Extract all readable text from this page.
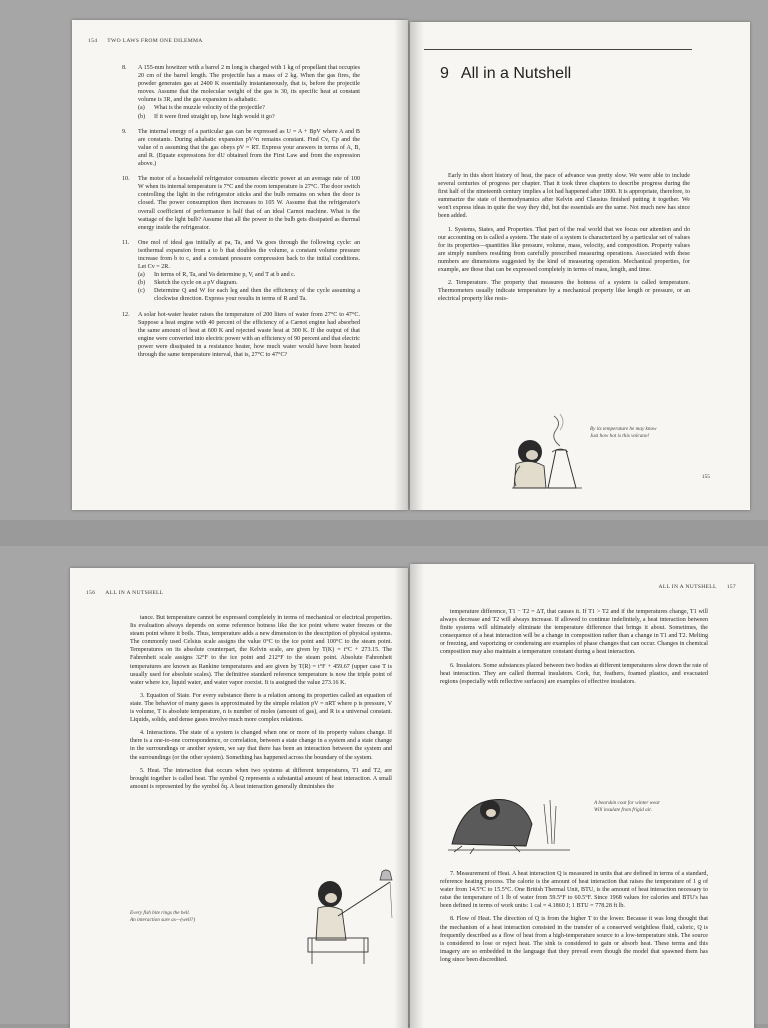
154 TWO LAWS FROM ONE DILEMMA
8. A 155-mm howitzer with a barrel 2 m long is charged with 1 kg of propellant that occupies 20 cm of the barrel length. The projectile has a mass of 2 kg. When the gas fires, the powder generates gas at 2400 K essentially instantaneously, that is, before the projectile moves. Assume that the molecular weight of the gas is 30, its specific heat at constant volume is 3R, and the gas expansion is adiabatic.
(a)	What is the muzzle velocity of the projectile?
(b)	If it were fired straight up, how high would it go?
9. The internal energy of a particular gas can be expressed as U = A + BpV where A and B are constants. During adiabatic expansion pV^n remains constant. Find Cv, Cp and the value of n assuming that the gas obeys pV = RT. Express your answers in terms of A, B, and R. (Equate expressions for dU obtained from the First Law and from the expression above.)
10. The motor of a household refrigerator consumes electric power at an average rate of 100 W when its internal temperature is 7°C and the room temperature is 27°C. The door switch controlling the light in the refrigerator sticks and the bulb remains on when the door is closed. The power consumption then increases to 105 W. Assume that the refrigerator's overall coefficient of performance is half that of an ideal Carnot machine. What is the wattage of the light bulb? Assume that all the power to the bulb gets dissipated as thermal energy inside the refrigerator.
11. One mol of ideal gas initially at pa, Ta, and Va goes through the following cycle: an isothermal expansion from a to b that doubles the volume, a constant volume pressure increase from b to c, and a constant pressure compression back to the initial conditions. Let Cv = 2R.
(a)	In terms of R, Ta, and Va determine p, V, and T at b and c.
(b)	Sketch the cycle on a pV diagram.
(c)	Determine Q and W for each leg and then the efficiency of the cycle assuming a clockwise direction. Express your results in terms of R and Ta.
12. A solar hot-water heater raises the temperature of 200 liters of water from 27°C to 47°C. Suppose a heat engine with 40 percent of the efficiency of a Carnot engine had absorbed the same amount of heat at 600 K and rejected waste heat at 300 K. If the output of that engine were converted into electric power with an efficiency of 90 percent and that electric power were dissipated in a resistance heater, how much water would have been heated through the same temperature interval, that is, 27°C to 47°C?
9 All in a Nutshell

Early in this short history of heat, the pace of advance was pretty slow. We were able to include several centuries of progress per chapter. That it took three chapters to describe progress during the first half of the nineteenth century implies a lot had happened after 1800. It is appropriate, therefore, to summarize the state of thermodynamics after Kelvin and Clausius finished putting it together. We won't express ideas in quite the way they did, but the essentials are the same. Not much new has since been added.

1. Systems, States, and Properties. That part of the real world that we focus our attention and do our accounting on is called a system. The state of a system is characterized by a particular set of values for its properties—quantities like pressure, volume, mass, velocity, and composition. Property values are simply numbers resulting from carefully prescribed measuring operations. Associated with these numbers are dimensions suggested by the kind of measuring operation. Mechanical properties, for example, are those that can be expressed completely in terms of mass, length, and time.

2. Temperature. The property that measures the hotness of a system is called temperature. Thermometers usually indicate temperature by a mechanical property like length or pressure, or an electrical property like resis-

By its temperature he may know
Just how hot is this volcano!
155
156 ALL IN A NUTSHELL

tance. But temperature cannot be expressed completely in terms of mechanical or electrical properties. Its evaluation always depends on some reference hotness like the ice point where water freezes or the steam point where it boils. Thus, temperature adds a new dimension to the description of physical systems. The commonly used Celsius scale assigns the value 0°C to the ice point and 100°C to the steam point. Temperatures on its absolute counterpart, the Kelvin scale, are given by T(K) = t°C + 273.15. The Fahrenheit scale assigns 32°F to the ice point and 212°F to the steam point. Absolute Fahrenheit temperatures are known as Rankine temperatures and are given by T(R) = t°F + 459.67 (upper case T is usually used for absolute scales). The definitive standard reference temperature is now the triple point of water where ice, liquid water, and water vapor coexist. It is assigned the value 273.16 K.

3. Equation of State. For every substance there is a relation among its properties called an equation of state. The behavior of many gases is approximated by the simple relation pV = nRT where p is pressure, V is volume, T is absolute temperature, n is number of moles (amount of gas), and R is a universal constant. Liquids, solids, and dense gases involve much more complex relations.

4. Interactions. The state of a system is changed when one or more of its property values change. If there is a one-to-one correspondence, or correlation, between a state change in a system and a state change in the surroundings or another system, we say that there has been an interaction between the system and the surroundings (or the other system). Something has happened across the boundary of the system.

5. Heat. The interaction that occurs when two systems at different temperatures, T1 and T2, are brought together is called heat. The symbol Q represents a substantial amount of heat interaction. A small amount is represented by the symbol δq. A heat interaction generally diminishes the

Every fish bite rings the bell.
An interaction sure as—(well?)
ALL IN A NUTSHELL 157

temperature difference, T1 − T2 = ΔT, that causes it. If T1 > T2 and if the temperatures change, T1 will always decrease and T2 will always increase. If allowed to continue indefinitely, a heat interaction between finite systems will ultimately eliminate the temperature difference that brings it about. Sometimes, the consequence of a heat interaction will be a change in composition rather than a change in T1 and T2. Melting or freezing, and vaporizing or condensing are examples of phase changes that can occur. Changes in chemical composition may also maintain a temperature constant during a heat interaction.

6. Insulators. Some substances placed between two bodies at different temperatures slow down the rate of heat interaction. They are called thermal insulators. Cork, fur, feathers, foamed plastics, and evacuated regions (especially with reflective surfaces) are examples of effective insulators.

A bearskin coat for winter wear
Will insulate from frigid air.

7. Measurement of Heat. A heat interaction Q is measured in units that are defined in terms of a standard, reference heating process. The calorie is the amount of heat interaction that raises the temperature of 1 g of water from 14.5°C to 15.5°C. One British Thermal Unit, BTU, is the amount of heat interaction necessary to raise the temperature of 1 lb of water from 59.5°F to 60.5°F. Since 1968 values for calories and BTU's has been defined in terms of work units: 1 cal = 4.1860 J; 1 BTU = 778.28 ft lb.

8. Flow of Heat. The direction of Q is from the higher T to the lower. Because it was long thought that the mechanism of a heat interaction consisted in the transfer of a conserved weightless fluid, caloric, Q is frequently described as a flow of heat from a high-temperature source to a low-temperature sink. The source is considered to lose or reject heat. The sink is considered to gain or absorb heat. These terms and this imagery are so embedded in the language that they prevail even though the model that spawned them has long since been discredited.
